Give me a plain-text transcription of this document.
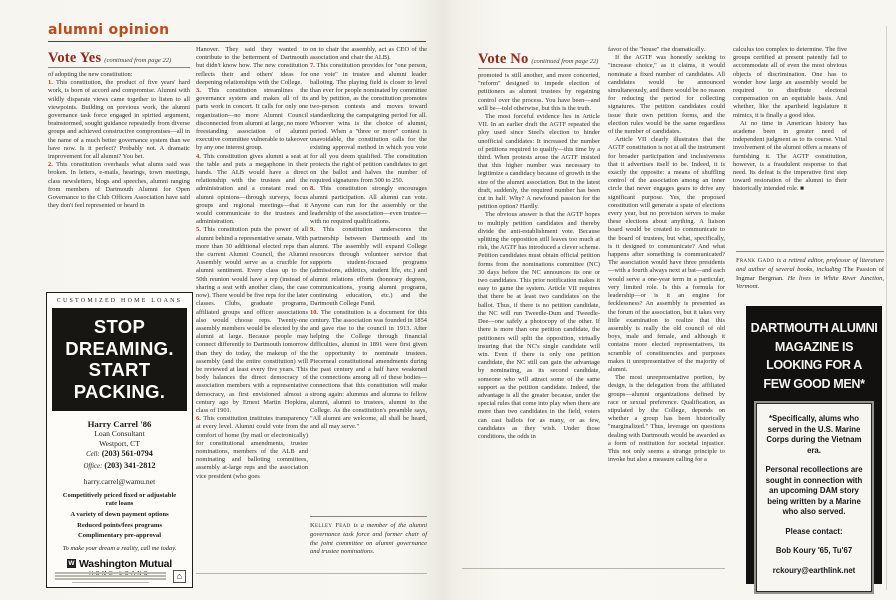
alumni opinion
Vote Yes (continued from page 22)

of adopting the new constitution:

1. This constitution, the product of five years' hard work, is born of accord and compromise. Alumni with wildly disparate views came together to listen to all viewpoints. Building on previous work, the alumni governance task force engaged in spirited argument, brainstormed, sought guidance repeatedly from diverse groups and achieved constructive compromises—all in the name of a much better governance system than we have now. Is it perfect? Probably not. A dramatic improvement for all alumni? You bet.

2. This constitution overhauls what alums said was broken. In letters, e-mails, hearings, town meetings, class newsletters, blogs and speeches, alumni ranging from members of Dartmouth Alumni for Open Governance to the Club Officers Association have said they don't feel represented or heard in

Hanover. They said they wanted to contribute to the betterment of Dartmouth but didn't know how. The new constitution reflects their and others' ideas for deepening relationships with the College.

3. This constitution streamlines the governance system and makes all of its parts work in concert. It calls for only one organization—no more Alumni Council disconnected from alumni at large, no more freestanding association of alumni executive committee vulnerable to takeover by any one interest group.

4. This constitution gives alumni a seat at the table and puts a megaphone in their hands. The ALB would have a direct relationship with the trustees and the administration and a constant read on alumni opinions—through surveys, focus groups and regional meetings—that it would communicate to the trustees and administration.

5. This constitution puts the power of all alumni behind a representative senate. With more than 30 additional elected reps than the current Alumni Council, the Alumni Assembly would serve as a crucible for alumni sentiment. Every class up to the 50th reunion would have a rep (instead of sharing a seat with another class, the case now). There would be five reps for the later classes. Clubs, graduate programs, affiliated groups and officer associations also would choose reps. Twenty-one assembly members would be elected by the alumni at large. Because people may connect differently to Dartmouth tomorrow than they do today, the makeup of the assembly (and the entire constitution) will be reviewed at least every five years. This body balances the direct democracy of association members with a representative democracy, as first envisioned almost a century ago by Ernest Martin Hopkins, class of 1901.

6. This constitution institutes transparency at every level. Alumni could vote from the comfort of home (by mail or electronically) for constitutional amendments, trustee nominations, members of the ALB and nominating and balloting committees, assembly at-large reps and the association vice president (who goes

on to chair the assembly, act as CEO of the association and chair the ALB).

7. This constitution provides for "one person, one vote" in trustee and alumni leader balloting. The playing field is closer to level than ever for people nominated by committee and by petition, as the constitution promotes two-person contests and moves toward standardizing the campaigning period for all. Whoever wins is the choice of alumni, period. When a "three or more" contest is unavoidable, the constitution calls for the existing approval method in which you vote for all you deem qualified. The constitution protects the right of petition candidates to get on the ballot and halves the number of required signatures from 500 to 250.

8. This constitution strongly encourages alumni participation. All alumni can vote. Anyone can run for the assembly or the leadership of the association—even trustee—with no required qualifications.

9. This constitution underscores the partnership between Dartmouth and its alumni. The assembly will expand College resources through volunteer service that supports student-focused programs (admissions, athletics, student life, etc.) and alumni relations efforts (honorary degrees, communications, young alumni programs, continuing education, etc.) and the Dartmouth College Fund.

10. The constitution is a document for this century. The association was founded in 1854 and gave rise to the council in 1913. After helping the College through financial difficulties, alumni in 1891 were first given the opportunity to nominate trustees. Piecemeal constitutional amendments during the past century and a half have weakened the connections among all of these bodies—connections that this constitution will make strong again: alumnus and alumna to fellow alumni, alumni to trustees, alumni to the College. As the constitution's preamble says, "All alumni are welcome, all shall be heard, and all may serve."

Kelley Fead is a member of the alumni governance task force and former chair of the joint committee on alumni governance and trustee nominations.
CUSTOMIZED HOME LOANS
STOP
DREAMING.
START
PACKING.
Harry Carrel '86
Loan Consultant
Westport, CT
Cell: (203) 561-0794
Office: (203) 341-2812
harry.carrel@wamu.net
Competitively priced fixed or adjustable rate loans
A variety of down payment options
Reduced points/fees programs
Complimentary pre-approval
To make your dream a reality, call me today.
W Washington Mutual
⌂
Vote No (continued from page 22)

promoted is still another, and more concerted, "reform" designed to impede election of petitioners as alumni trustees by regaining control over the process. You have been—and will be—told otherwise, but this is the truth.

The most forceful evidence lies in Article VII. In an earlier draft the AGTF repeated the ploy used since Steel's election to hinder unofficial candidates: It increased the number of petitions required to qualify—this time by a third. When protests arose the AGTF insisted that this higher number was necessary to legitimize a candidacy because of growth in the size of the alumni association. But in the latest draft, suddenly, the required number has been cut in half. Why? A newfound passion for the petition option? Hardly.

The obvious answer is that the AGTF hopes to multiply petition candidates and thereby divide the anti-establishment vote. Because splitting the opposition still leaves too much at risk, the AGTF has introduced a clever scheme. Petition candidates must obtain official petition forms from the nominations committee (NC) 30 days before the NC announces its one or two candidates. This prior notification makes it easy to game the system. Article VII requires that there be at least two candidates on the ballot. Thus, if there is no petition candidate, the NC will run Tweedle-Dum and Tweedle-Dee—one safely a photocopy of the other. If there is more than one petition candidate, the petitioners will split the opposition, virtually insuring that the NC's single candidate will win. Even if there is only one petition candidate, the NC still can gain the advantage by nominating, as its second candidate, someone who will attract some of the same support as the petition candidate. Indeed, the advantage is all the greater because, under the special rules that come into play when there are more than two candidates in the field, voters can cast ballots for as many, or as few, candidates as they wish. Under those conditions, the odds in

favor of the "house" rise dramatically.

If the AGTF was honestly seeking to "increase choice," as it claims, it would nominate a fixed number of candidates. All candidates would be announced simultaneously, and there would be no reason for reducing the period for collecting signatures. The petition candidates could issue their own petition forms, and the election rules would be the same regardless of the number of candidates.

Article VII clearly illustrates that the AGTF constitution is not at all the instrument for broader participation and inclusiveness that it advertises itself to be. Indeed, it is exactly the opposite: a means of shuffling control of the association among an inner circle that never engages gears to drive any significant purpose. Yes, the proposed constitution will generate a spate of elections every year, but no provision serves to make these elections about anything. A liaison board would be created to communicate to the board of trustees, but what, specifically, is it designed to communicate? And what happens after something is communicated? The association would have three presidents—with a fourth always next at bat—and each would serve a one-year term in a particular, very limited role. Is this a formula for leadership—or is it an engine for fecklessness? An assembly is presented as the forum of the association, but it takes very little examination to realize that this assembly is really the old council of old boys, male and female, and although it contains more elected representatives, its scramble of constituencies and purposes makes it unrepresentative of the majority of alumni.

The most unrepresentative portion, by design, is the delegation from the affiliated groups—alumni organizations defined by race or sexual preference. Qualification, as stipulated by the College, depends on whether a group has been historically "marginalized." Thus, leverage on questions dealing with Dartmouth would be awarded as a form of restitution for societal injustice. This not only seems a strange principle to invoke but also a measure calling for a

calculus too complex to determine. The five groups certified at present patently fail to accommodate all of even the most obvious objects of discrimination. One has to wonder how large an assembly would be required to distribute electoral compensation on an equitable basis. And whether, like the apartheid legislature it mimics, it is finally a good idea.

At no time in American history has academe been in greater need of independent judgment as to its course. Vital involvement of the alumni offers a means of furnishing it. The AGTF constitution, however, is a fraudulent response to that need. Its defeat is the imperative first step toward restoration of the alumni to their historically intended role. ■

Frank Gado is a retired editor, professor of literature and author of several books, including The Passion of Ingmar Bergman. He lives in White River Junction, Vermont.
DARTMOUTH ALUMNI
MAGAZINE IS
LOOKING FOR A
FEW GOOD MEN*
*Specifically, alums who served in the U.S. Marine Corps during the Vietnam era.
Personal recollections are sought in connection with an upcoming DAM story being written by a Marine who also served.
Please contact:
Bob Koury '65, Tu'67
rckoury@earthlink.net
